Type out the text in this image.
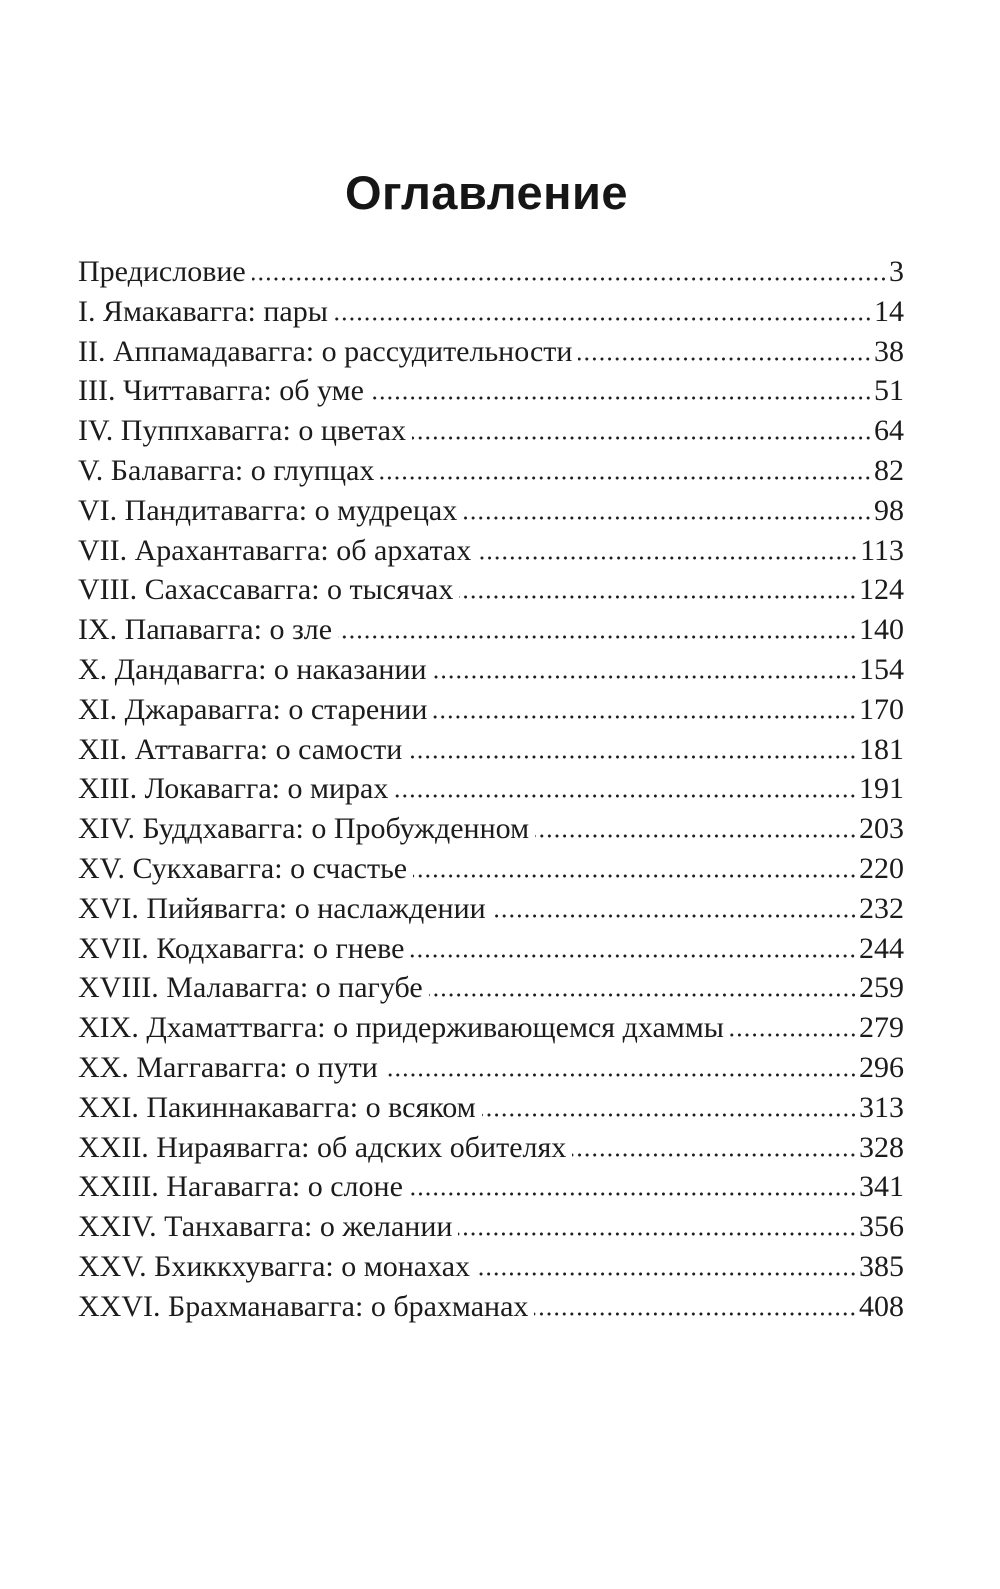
Оглавление
Предисловие	3
I. Ямакавагга: пары	14
II. Аппамадавагга: о рассудительности	38
III. Читтавагга: об уме	51
IV. Пуппхавагга: о цветах	64
V. Балавагга: о глупцах	82
VI. Пандитавагга: о мудрецах	98
VII. Арахантавагга: об архатах	113
VIII. Сахассавагга: о тысячах	124
IX. Папавагга: о зле	140
X. Дандавагга: о наказании	154
XI. Джаравагга: о старении	170
XII. Аттавагга: о самости	181
XIII. Локавагга: о мирах	191
XIV. Буддхавагга: о Пробужденном	203
XV. Сукхавагга: о счастье	220
XVI. Пийявагга: о наслаждении	232
XVII. Кодхавагга: о гневе	244
XVIII. Малавагга: о пагубе	259
XIX. Дхаматтвагга: о придерживающемся дхаммы	279
XX. Маггавагга: о пути	296
XXI. Пакиннакавагга: о всяком	313
XXII. Нираявагга: об адских обителях	328
XXIII. Нагавагга: о слоне	341
XXIV. Танхавагга: о желании	356
XXV. Бхиккхувагга: о монахах	385
XXVI. Брахманавагга: о брахманах	408
